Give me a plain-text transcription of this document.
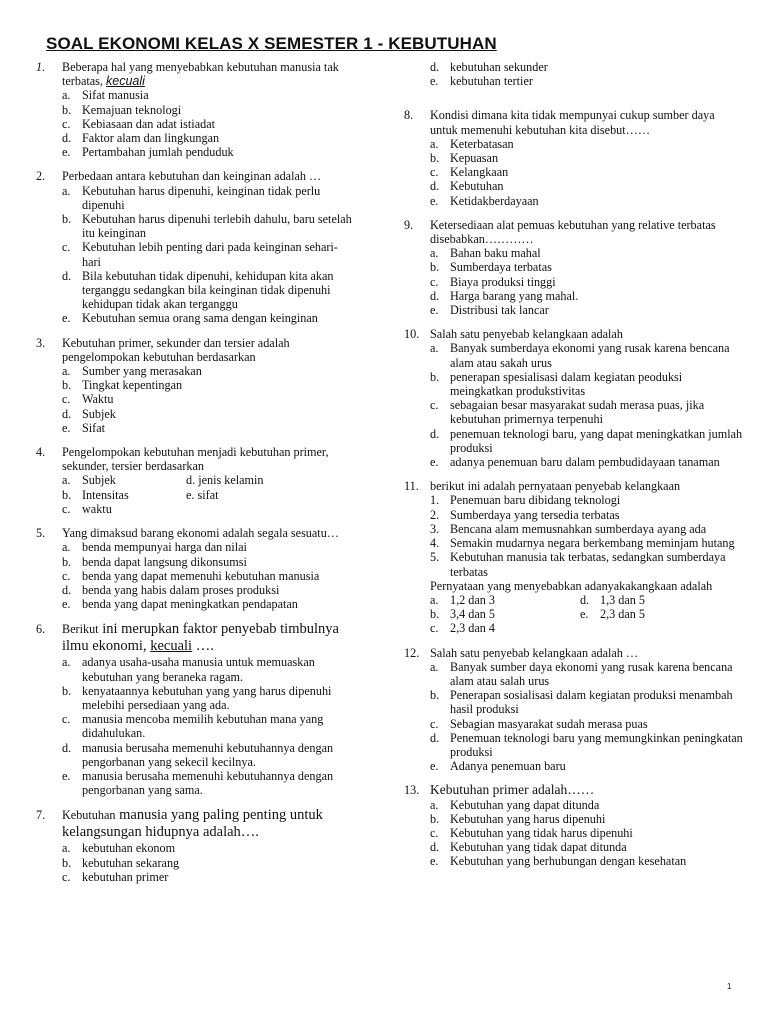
SOAL EKONOMI KELAS X SEMESTER 1 - KEBUTUHAN
1. Beberapa hal yang menyebabkan kebutuhan manusia tak terbatas, kecuali
a. Sifat manusia
b. Kemajuan teknologi
c. Kebiasaan dan adat istiadat
d. Faktor alam dan lingkungan
e. Pertambahan jumlah penduduk
2. Perbedaan antara kebutuhan dan keinginan adalah …
a. Kebutuhan harus dipenuhi, keinginan tidak perlu dipenuhi
b. Kebutuhan harus dipenuhi terlebih dahulu, baru setelah itu keinginan
c. Kebutuhan lebih penting dari pada keinginan sehari-hari
d. Bila kebutuhan tidak dipenuhi, kehidupan kita akan terganggu sedangkan bila keinginan tidak dipenuhi kehidupan tidak akan terganggu
e. Kebutuhan semua orang sama dengan keinginan
3. Kebutuhan primer, sekunder dan tersier adalah pengelompokan kebutuhan berdasarkan
a. Sumber yang merasakan
b. Tingkat kepentingan
c. Waktu
d. Subjek
e. Sifat
4. Pengelompokan kebutuhan menjadi kebutuhan primer, sekunder, tersier berdasarkan
a. Subjek	d. jenis kelamin
b. Intensitas	e. sifat
c. waktu
5. Yang dimaksud barang ekonomi adalah segala sesuatu…
a. benda mempunyai harga dan nilai
b. benda dapat langsung dikonsumsi
c. benda yang dapat memenuhi kebutuhan manusia
d. benda yang habis dalam proses produksi
e. benda yang dapat meningkatkan pendapatan
6. Berikut ini merupkan faktor penyebab timbulnya ilmu ekonomi, kecuali ….
a. adanya usaha-usaha manusia untuk memuaskan kebutuhan yang beraneka ragam.
b. kenyataannya kebutuhan yang yang harus dipenuhi melebihi persediaan yang ada.
c. manusia mencoba memilih kebutuhan mana yang didahulukan.
d. manusia berusaha memenuhi kebutuhannya dengan pengorbanan yang sekecil kecilnya.
e. manusia berusaha memenuhi kebutuhannya dengan pengorbanan yang sama.
7. Kebutuhan manusia yang paling penting untuk kelangsungan hidupnya adalah….
a. kebutuhan ekonom
b. kebutuhan sekarang
c. kebutuhan primer
d. kebutuhan sekunder
e. kebutuhan tertier
8. Kondisi dimana kita tidak mempunyai cukup sumber daya untuk memenuhi kebutuhan kita disebut……
a. Keterbatasan
b. Kepuasan
c. Kelangkaan
d. Kebutuhan
e. Ketidakberdayaan
9. Ketersediaan alat pemuas kebutuhan yang relative terbatas disebabkan…………
a. Bahan baku mahal
b. Sumberdaya terbatas
c. Biaya produksi tinggi
d. Harga barang yang mahal.
e. Distribusi tak lancar
10. Salah satu penyebab kelangkaan adalah
a. Banyak sumberdaya ekonomi yang rusak karena bencana alam atau sakah urus
b. penerapan spesialisasi dalam kegiatan peoduksi meingkatkan produkstivitas
c. sebagaian besar masyarakat sudah merasa puas, jika kebutuhan primernya terpenuhi
d. penemuan teknologi baru, yang dapat meningkatkan jumlah produksi
e. adanya penemuan baru dalam pembudidayaan tanaman
11. berikut ini adalah pernyataan penyebab kelangkaan
1. Penemuan baru dibidang teknologi
2. Sumberdaya yang tersedia terbatas
3. Bencana alam memusnahkan sumberdaya ayang ada
4. Semakin mudarnya negara berkembang meminjam hutang
5. Kebutuhan manusia tak terbatas, sedangkan sumberdaya terbatas
Pernyataan yang menyebabkan adanyakakangkaan adalah
a. 1,2 dan 3	d. 1,3 dan 5
b. 3,4 dan 5	e. 2,3 dan 5
c. 2,3 dan 4
12. Salah satu penyebab kelangkaan adalah …
a. Banyak sumber daya ekonomi yang rusak karena bencana alam atau salah urus
b. Penerapan sosialisasi dalam kegiatan produksi menambah hasil produksi
c. Sebagian masyarakat sudah merasa puas
d. Penemuan teknologi baru yang memungkinkan peningkatan produksi
e. Adanya penemuan baru
13. Kebutuhan primer adalah……
a. Kebutuhan yang dapat ditunda
b. Kebutuhan yang harus dipenuhi
c. Kebutuhan yang tidak harus dipenuhi
d. Kebutuhan yang tidak dapat ditunda
e. Kebutuhan yang berhubungan dengan kesehatan
1
